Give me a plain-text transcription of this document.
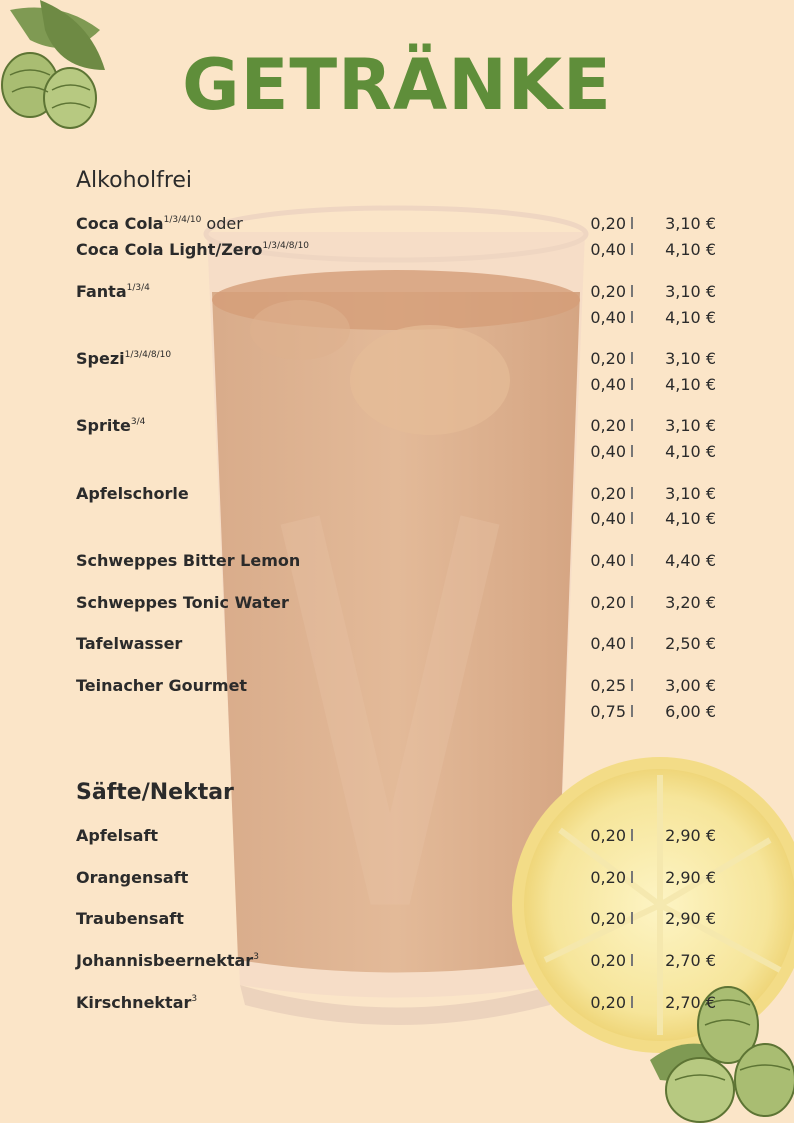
GETRÄNKE
Alkoholfrei
Coca Cola$^{1/3/4/10}$ oder	0,20	3,10 €
Coca Cola Light/Zero$^{1/3/4/8/10}$	0,40	4,10 €
Fanta$^{1/3/4}$	0,20	3,10 €
0,40	4,10 €
Spezi$^{1/3/4/8/10}$	0,20	3,10 €
0,40	4,10 €
Sprite$^{3/4}$	0,20	3,10 €
0,40	4,10 €
Apfelschorle	0,20	3,10 €
0,40	4,10 €
Schweppes Bitter Lemon	0,40	4,40 €
Schweppes Tonic Water	0,20	3,20 €
Tafelwasser	0,40	2,50 €
Teinacher Gourmet	0,25	3,00 €
0,75	6,00 €
Säfte/Nektar
Apfelsaft	0,20	2,90 €
Orangensaft	0,20	2,90 €
Traubensaft	0,20	2,90 €
Johannisbeernektar$^3$	0,20	2,70 €
Kirschnektar$^3$	0,20	2,70 €
